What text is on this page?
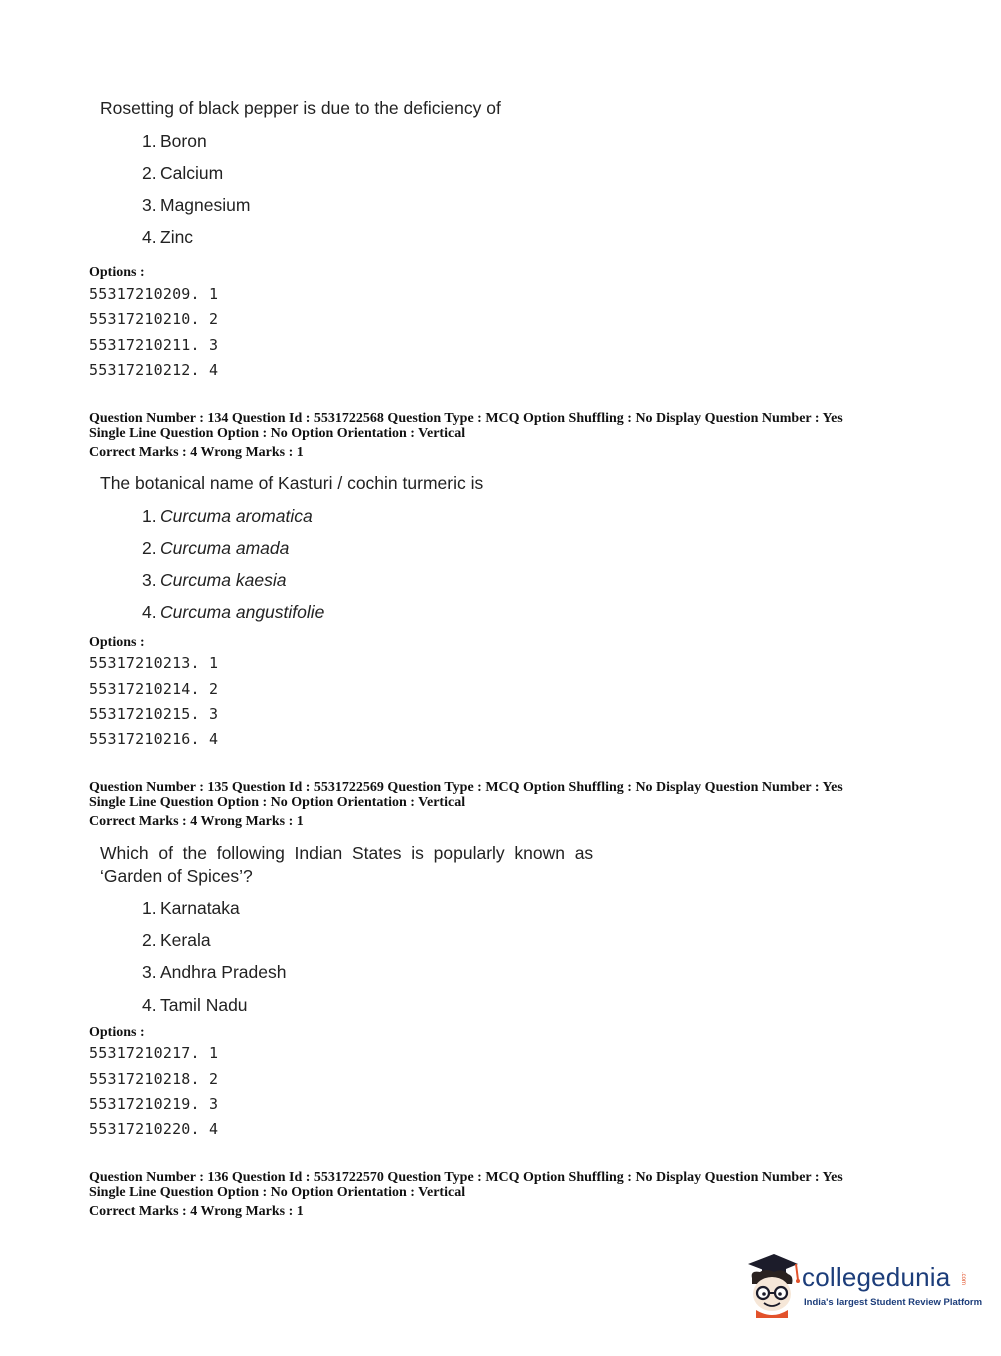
Rosetting of black pepper is due to the deficiency of
1. Boron
2. Calcium
3. Magnesium
4. Zinc
Options :
55317210209. 1
55317210210. 2
55317210211. 3
55317210212. 4
Question Number : 134 Question Id : 5531722568 Question Type : MCQ Option Shuffling : No Display Question Number : Yes
Single Line Question Option : No Option Orientation : Vertical
Correct Marks : 4 Wrong Marks : 1
The botanical name of Kasturi / cochin turmeric is
1. Curcuma aromatica
2. Curcuma amada
3. Curcuma kaesia
4. Curcuma angustifolie
Options :
55317210213. 1
55317210214. 2
55317210215. 3
55317210216. 4
Question Number : 135 Question Id : 5531722569 Question Type : MCQ Option Shuffling : No Display Question Number : Yes
Single Line Question Option : No Option Orientation : Vertical
Correct Marks : 4 Wrong Marks : 1
Which  of  the  following  Indian  States  is  popularly  known  as
‘Garden of Spices’?
1. Karnataka
2. Kerala
3. Andhra Pradesh
4. Tamil Nadu
Options :
55317210217. 1
55317210218. 2
55317210219. 3
55317210220. 4
Question Number : 136 Question Id : 5531722570 Question Type : MCQ Option Shuffling : No Display Question Number : Yes
Single Line Question Option : No Option Orientation : Vertical
Correct Marks : 4 Wrong Marks : 1
collegedunia .com
India's largest Student Review Platform
